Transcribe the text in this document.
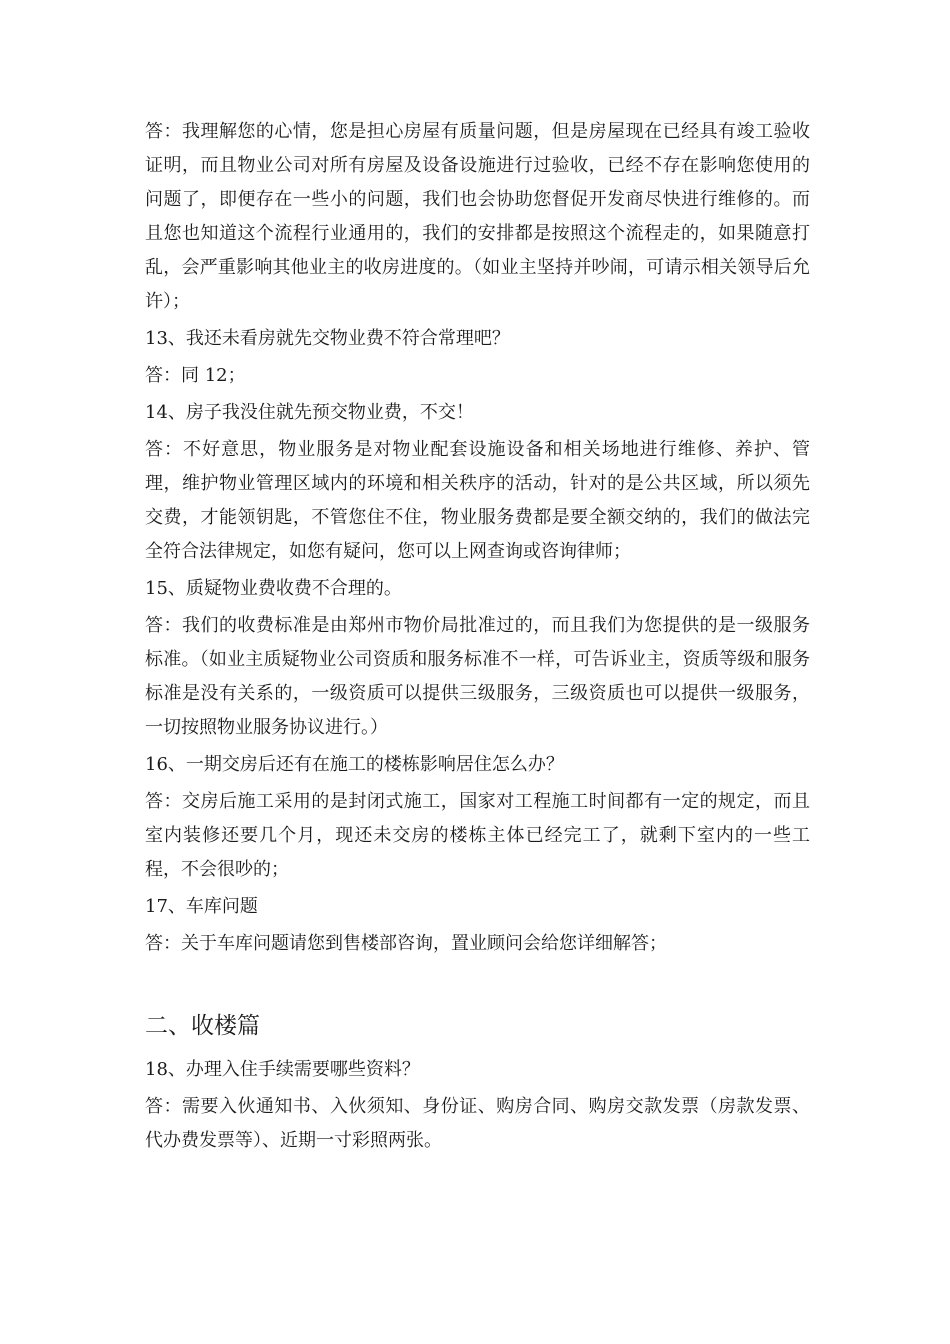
答：我理解您的心情，您是担心房屋有质量问题，但是房屋现在已经具有竣工验收证明，而且物业公司对所有房屋及设备设施进行过验收，已经不存在影响您使用的问题了，即便存在一些小的问题，我们也会协助您督促开发商尽快进行维修的。而且您也知道这个流程行业通用的，我们的安排都是按照这个流程走的，如果随意打乱，会严重影响其他业主的收房进度的。（如业主坚持并吵闹，可请示相关领导后允许）；

13、我还未看房就先交物业费不符合常理吧？

答：同 12；

14、房子我没住就先预交物业费，不交！

答：不好意思，物业服务是对物业配套设施设备和相关场地进行维修、养护、管理，维护物业管理区域内的环境和相关秩序的活动，针对的是公共区域，所以须先交费，才能领钥匙，不管您住不住，物业服务费都是要全额交纳的，我们的做法完全符合法律规定，如您有疑问，您可以上网查询或咨询律师；

15、质疑物业费收费不合理的。

答：我们的收费标准是由郑州市物价局批准过的，而且我们为您提供的是一级服务标准。（如业主质疑物业公司资质和服务标准不一样，可告诉业主，资质等级和服务标准是没有关系的，一级资质可以提供三级服务，三级资质也可以提供一级服务，一切按照物业服务协议进行。）

16、一期交房后还有在施工的楼栋影响居住怎么办？

答：交房后施工采用的是封闭式施工，国家对工程施工时间都有一定的规定，而且室内装修还要几个月，现还未交房的楼栋主体已经完工了，就剩下室内的一些工程，不会很吵的；

17、车库问题

答：关于车库问题请您到售楼部咨询，置业顾问会给您详细解答；

二、收楼篇

18、办理入住手续需要哪些资料？

答：需要入伙通知书、入伙须知、身份证、购房合同、购房交款发票（房款发票、代办费发票等）、近期一寸彩照两张。
